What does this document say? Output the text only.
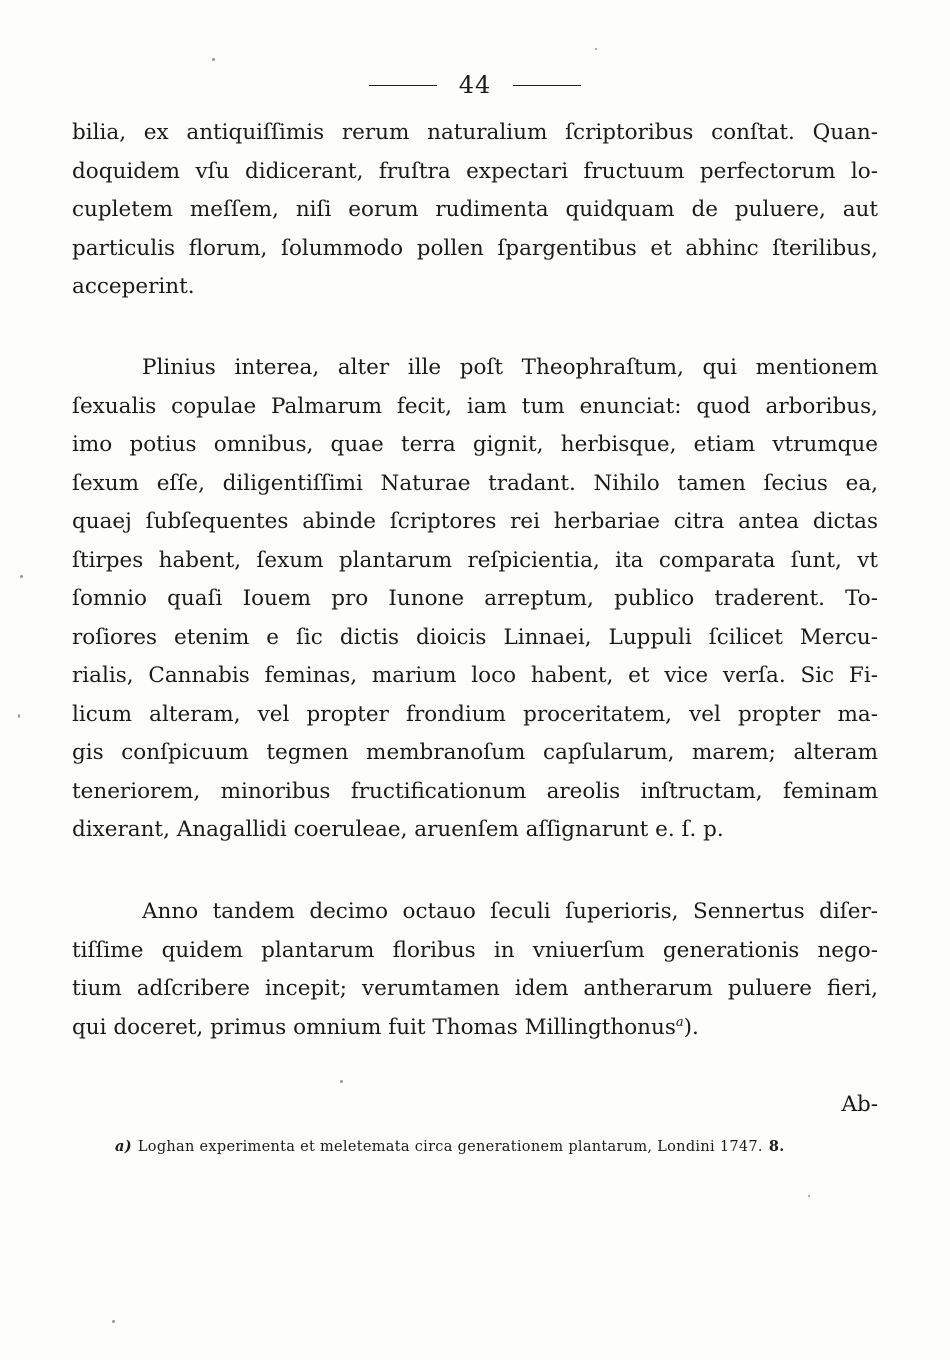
44
bilia, ex antiquiſſimis rerum naturalium ſcriptoribus conſtat. Quan-
doquidem vſu didicerant, fruſtra expectari fructuum perfectorum lo-
cupletem meſſem, niſi eorum rudimenta quidquam de puluere, aut
particulis florum, ſolummodo pollen ſpargentibus et abhinc ſterilibus,
acceperint.
Plinius interea, alter ille poſt Theophraſtum, qui mentionem
ſexualis copulae Palmarum fecit, iam tum enunciat: quod arboribus,
imo potius omnibus, quae terra gignit, herbisque, etiam vtrumque
ſexum eſſe, diligentiſſimi Naturae tradant. Nihilo tamen ſecius ea,
quaej ſubſequentes abinde ſcriptores rei herbariae citra antea dictas
ſtirpes habent, ſexum plantarum reſpicientia, ita comparata ſunt, vt
ſomnio quaſi Iouem pro Iunone arreptum, publico traderent. To-
roſiores etenim e ſic dictis dioicis Linnaei, Luppuli ſcilicet Mercu-
rialis, Cannabis feminas, marium loco habent, et vice verſa. Sic Fi-
licum alteram, vel propter frondium proceritatem, vel propter ma-
gis conſpicuum tegmen membranoſum capſularum, marem; alteram
teneriorem, minoribus fructificationum areolis inſtructam, feminam
dixerant, Anagallidi coeruleae, aruenſem aſſignarunt e. ſ. p.
Anno tandem decimo octauo ſeculi ſuperioris, Sennertus diſer-
tiſſime quidem plantarum floribus in vniuerſum generationis nego-
tium adſcribere incepit; verumtamen idem antherarum puluere fieri,
qui doceret, primus omnium fuit Thomas Millingthonus$^a$).
Ab-
a) Loghan experimenta et meletemata circa generationem plantarum, Londini 1747. 8.
